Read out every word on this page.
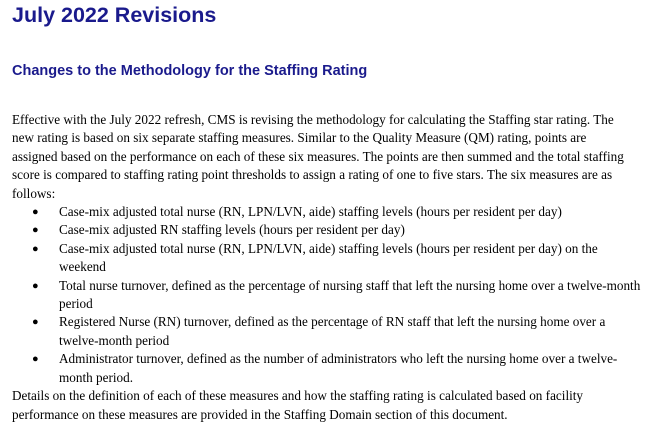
July 2022 Revisions
Changes to the Methodology for the Staffing Rating

Effective with the July 2022 refresh, CMS is revising the methodology for calculating the Staffing star rating. The new rating is based on six separate staffing measures. Similar to the Quality Measure (QM) rating, points are assigned based on the performance on each of these six measures. The points are then summed and the total staffing score is compared to staffing rating point thresholds to assign a rating of one to five stars. The six measures are as follows:

● Case-mix adjusted total nurse (RN, LPN/LVN, aide) staffing levels (hours per resident per day)
● Case-mix adjusted RN staffing levels (hours per resident per day)
● Case-mix adjusted total nurse (RN, LPN/LVN, aide) staffing levels (hours per resident per day) on the weekend
● Total nurse turnover, defined as the percentage of nursing staff that left the nursing home over a twelve-month period
● Registered Nurse (RN) turnover, defined as the percentage of RN staff that left the nursing home over a twelve-month period
● Administrator turnover, defined as the number of administrators who left the nursing home over a twelve-month period.

Details on the definition of each of these measures and how the staffing rating is calculated based on facility performance on these measures are provided in the Staffing Domain section of this document.
